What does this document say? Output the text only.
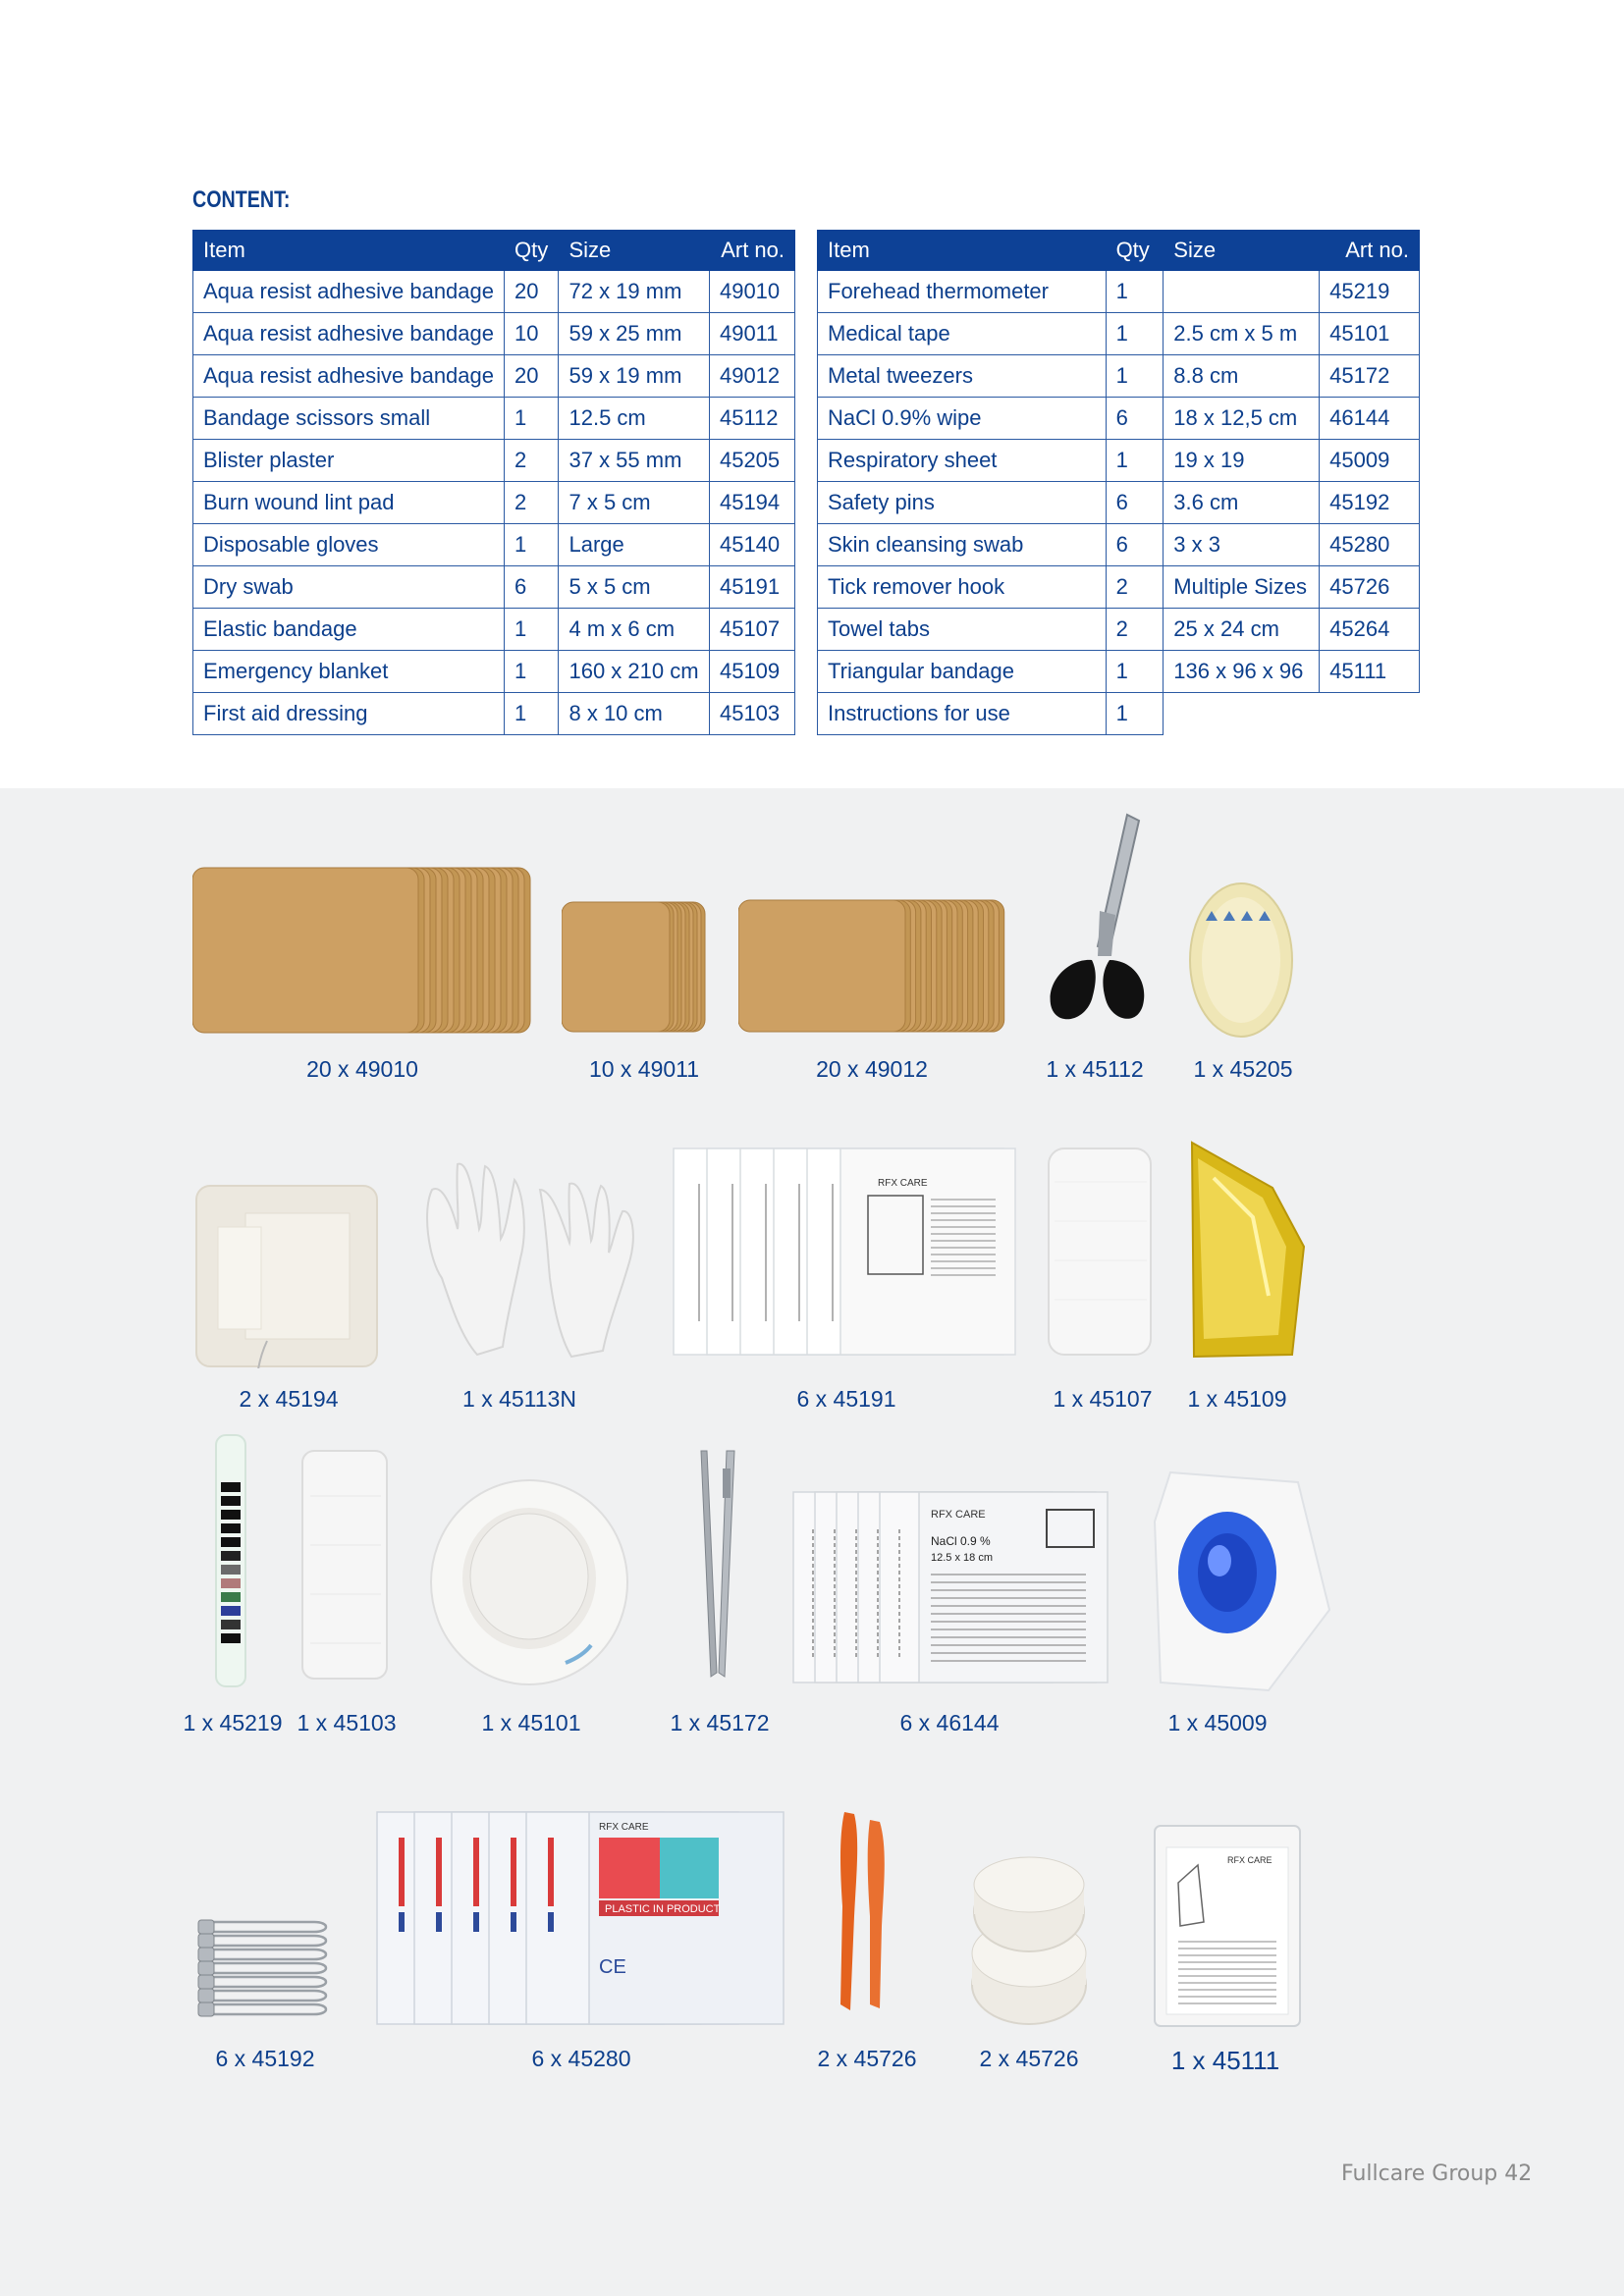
CONTENT:
Item	Qty	Size	Art no.
Aqua resist adhesive bandage	20	72 x 19 mm	49010
Aqua resist adhesive bandage	10	59 x 25 mm	49011
Aqua resist adhesive bandage	20	59 x 19 mm	49012
Bandage scissors small	1	12.5 cm	45112
Blister plaster	2	37 x 55 mm	45205
Burn wound lint pad	2	7 x 5 cm	45194
Disposable gloves	1	Large	45140
Dry swab	6	5 x 5 cm	45191
Elastic bandage	1	4 m x 6 cm	45107
Emergency blanket	1	160 x 210 cm	45109
First aid dressing	1	8 x 10 cm	45103
Item	Qty	Size	Art no.
Forehead thermometer	1		45219
Medical tape	1	2.5 cm x 5 m	45101
Metal tweezers	1	8.8 cm	45172
NaCl 0.9% wipe	6	18 x 12,5 cm	46144
Respiratory sheet	1	19 x 19	45009
Safety pins	6	3.6 cm	45192
Skin cleansing swab	6	3 x 3	45280
Tick remover hook	2	Multiple Sizes	45726
Towel tabs	2	25 x 24 cm	45264
Triangular bandage	1	136 x 96 x 96	45111
Instructions for use	1		
20 x 49010	10 x 49011	20 x 49012	1 x 45112 1 x 45205
RFX CARE
2 x 45194	1 x 45113N	6 x 45191	1 x 45107 1 x 45109
RFX CARE
NaCl 0.9 %
12.5 x 18 cm
1 x 45219 1 x 45103	1 x 45101	1 x 45172	6 x 46144	1 x 45009
PLASTIC IN PRODUCT
RFX CARE
CE
RFX CARE
6 x 45192	6 x 45280	2 x 45726	2 x 45726	1 x 45111
Fullcare Group 42
